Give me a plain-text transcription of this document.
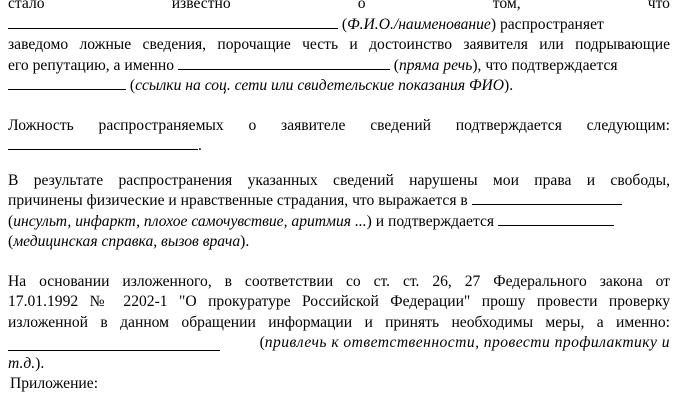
стало	известно	о	том,	что
(Ф.И.О./наименование) распространяет
заведомо ложные сведения, порочащие честь и достоинство заявителя или подрывающие
его репутацию, а именно	(пряма речь), что подтверждается
(ссылки на соц. сети или свидетельские показания ФИО).
Ложность распространяемых о заявителе сведений подтверждается следующим:
.
В результате распространения указанных сведений нарушены мои права и свободы,
причинены физические и нравственные страдания, что выражается в
(инсульт, инфаркт, плохое самочувствие, аритмия ...) и подтверждается
(медицинская справка, вызов врача).
На основании изложенного, в соответствии со ст. ст. 26, 27 Федерального закона от
17.01.1992 № 2202-1 "О прокуратуре Российской Федерации" прошу провести проверку
изложенной в данном обращении информации и принять необходимы меры, а именно:
(привлечь к ответственности, провести профилактику и
т.д.).
Приложение:
